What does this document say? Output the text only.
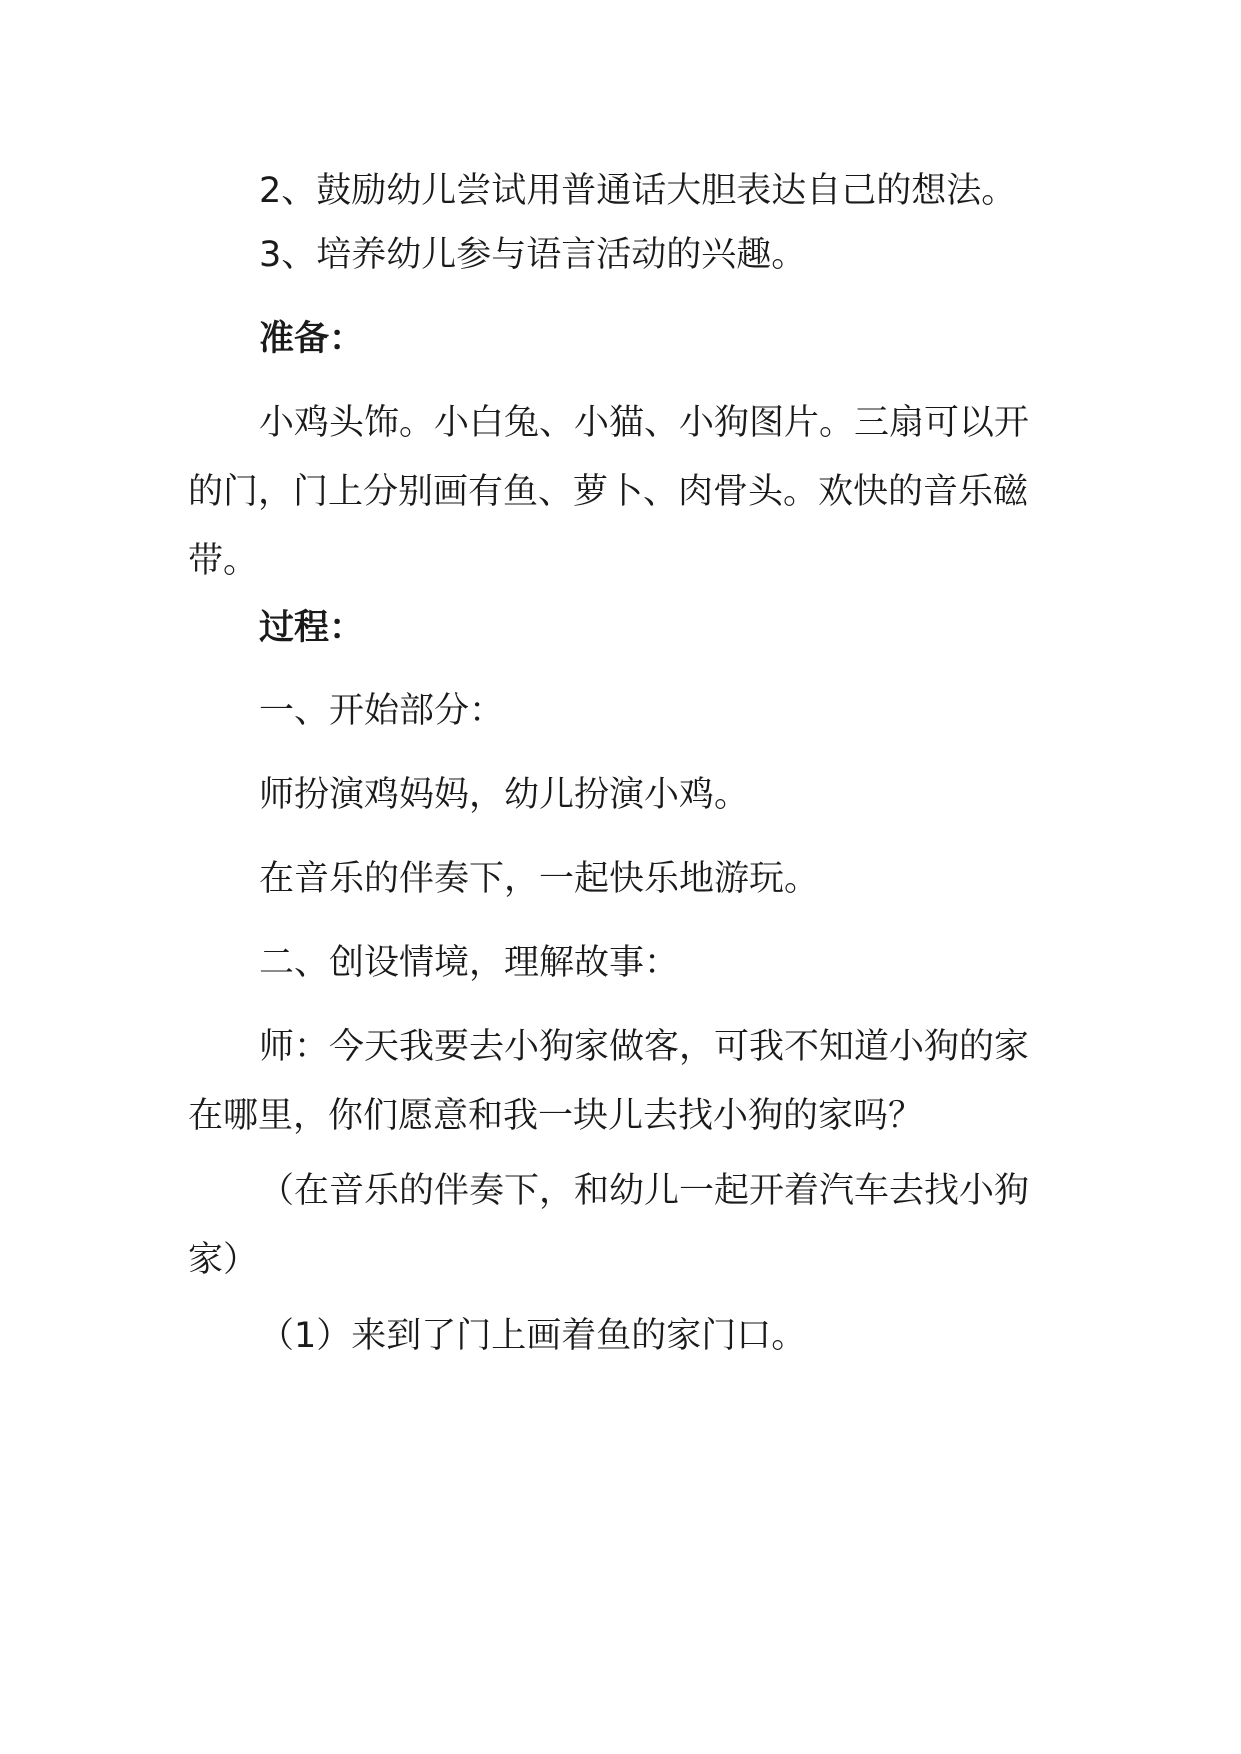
2、鼓励幼儿尝试用普通话大胆表达自己的想法。

3、培养幼儿参与语言活动的兴趣。

准备：

小鸡头饰。小白兔、小猫、小狗图片。三扇可以开的门，门上分别画有鱼、萝卜、肉骨头。欢快的音乐磁带。

过程：

一、开始部分：

师扮演鸡妈妈，幼儿扮演小鸡。

在音乐的伴奏下，一起快乐地游玩。

二、创设情境，理解故事：

师：今天我要去小狗家做客，可我不知道小狗的家在哪里，你们愿意和我一块儿去找小狗的家吗？

（在音乐的伴奏下，和幼儿一起开着汽车去找小狗家）

（1）来到了门上画着鱼的家门口。
